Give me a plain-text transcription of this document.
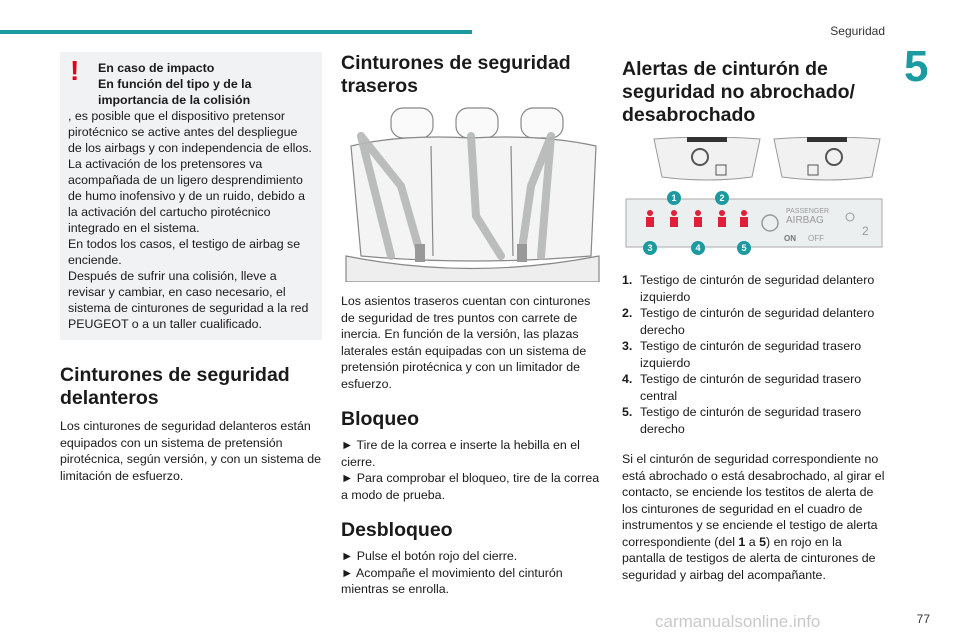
Seguridad
5
! En caso de impacto

En función del tipo y de la importancia de la colisión, es posible que el dispositivo pretensor pirotécnico se active antes del despliegue de los airbags y con independencia de ellos. La activación de los pretensores va acompañada de un ligero desprendimiento de humo inofensivo y de un ruido, debido a la activación del cartucho pirotécnico integrado en el sistema.

En todos los casos, el testigo de airbag se enciende.

Después de sufrir una colisión, lleve a revisar y cambiar, en caso necesario, el sistema de cinturones de seguridad a la red PEUGEOT o a un taller cualificado.

Cinturones de seguridad delanteros

Los cinturones de seguridad delanteros están equipados con un sistema de pretensión pirotécnica, según versión, y con un sistema de limitación de esfuerzo.

Cinturones de seguridad traseros

Los asientos traseros cuentan con cinturones de seguridad de tres puntos con carrete de inercia. En función de la versión, las plazas laterales están equipadas con un sistema de pretensión pirotécnica y con un limitador de esfuerzo.

Bloqueo

► Tire de la correa e inserte la hebilla en el cierre.

► Para comprobar el bloqueo, tire de la correa a modo de prueba.

Desbloqueo

► Pulse el botón rojo del cierre.

► Acompañe el movimiento del cinturón mientras se enrolla.

Alertas de cinturón de seguridad no abrochado/ desabrochado
PASSENGER
AIRBAG
ON OFF
2
1	2
3	4	5
1. Testigo de cinturón de seguridad delantero izquierdo
2. Testigo de cinturón de seguridad delantero derecho
3. Testigo de cinturón de seguridad trasero izquierdo
4. Testigo de cinturón de seguridad trasero central
5. Testigo de cinturón de seguridad trasero derecho

Si el cinturón de seguridad correspondiente no está abrochado o está desabrochado, al girar el contacto, se enciende los testitos de alerta de los cinturones de seguridad en el cuadro de instrumentos y se enciende el testigo de alerta correspondiente (del 1 a 5) en rojo en la pantalla de testigos de alerta de cinturones de seguridad y airbag del acompañante.

carmanualsonline.info	77
